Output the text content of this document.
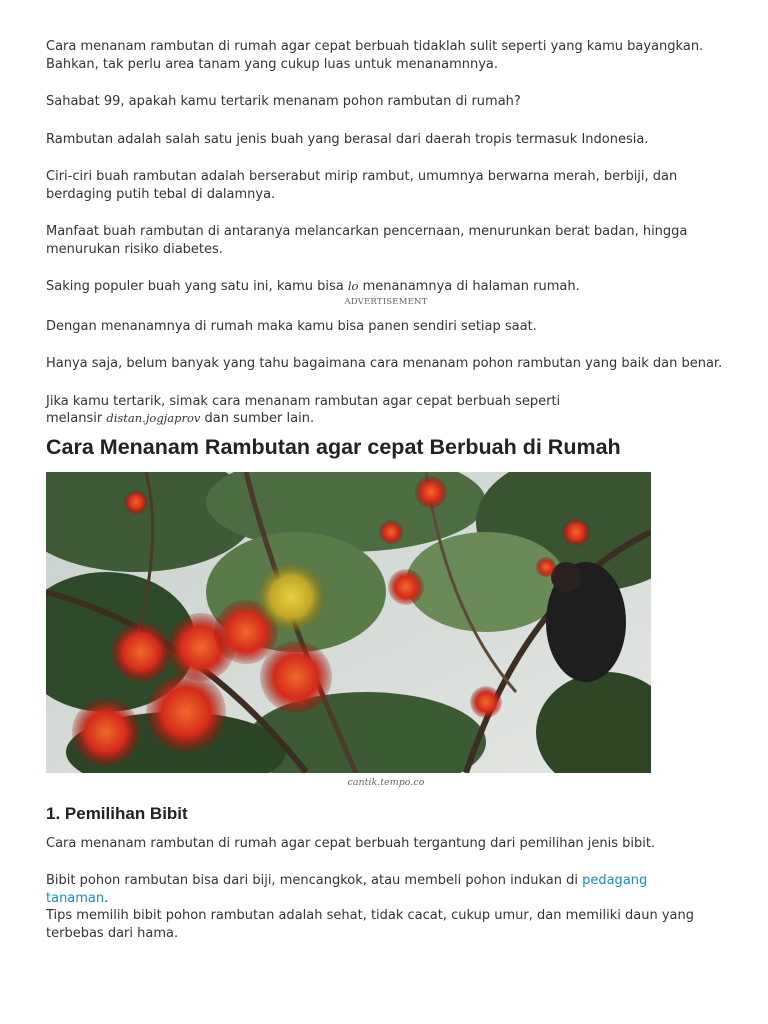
Cara menanam rambutan di rumah agar cepat berbuah tidaklah sulit seperti yang kamu bayangkan. Bahkan, tak perlu area tanam yang cukup luas untuk menanamnnya.

Sahabat 99, apakah kamu tertarik menanam pohon rambutan di rumah?

Rambutan adalah salah satu jenis buah yang berasal dari daerah tropis termasuk Indonesia.

Ciri-ciri buah rambutan adalah berserabut mirip rambut, umumnya berwarna merah, berbiji, dan berdaging putih tebal di dalamnya.

Manfaat buah rambutan di antaranya melancarkan pencernaan, menurunkan berat badan, hingga menurukan risiko diabetes.

Saking populer buah yang satu ini, kamu bisa lo menanamnya di halaman rumah.

ADVERTISEMENT

Dengan menanamnya di rumah maka kamu bisa panen sendiri setiap saat.

Hanya saja, belum banyak yang tahu bagaimana cara menanam pohon rambutan yang baik dan benar.

Jika kamu tertarik, simak cara menanam rambutan agar cepat berbuah seperti melansir distan.jogjaprov dan sumber lain.

Cara Menanam Rambutan agar cepat Berbuah di Rumah

cantik.tempo.co

1. Pemilihan Bibit

Cara menanam rambutan di rumah agar cepat berbuah tergantung dari pemilihan jenis bibit.

Bibit pohon rambutan bisa dari biji, mencangkok, atau membeli pohon indukan di pedagang tanaman.

Tips memilih bibit pohon rambutan adalah sehat, tidak cacat, cukup umur, dan memiliki daun yang terbebas dari hama.
